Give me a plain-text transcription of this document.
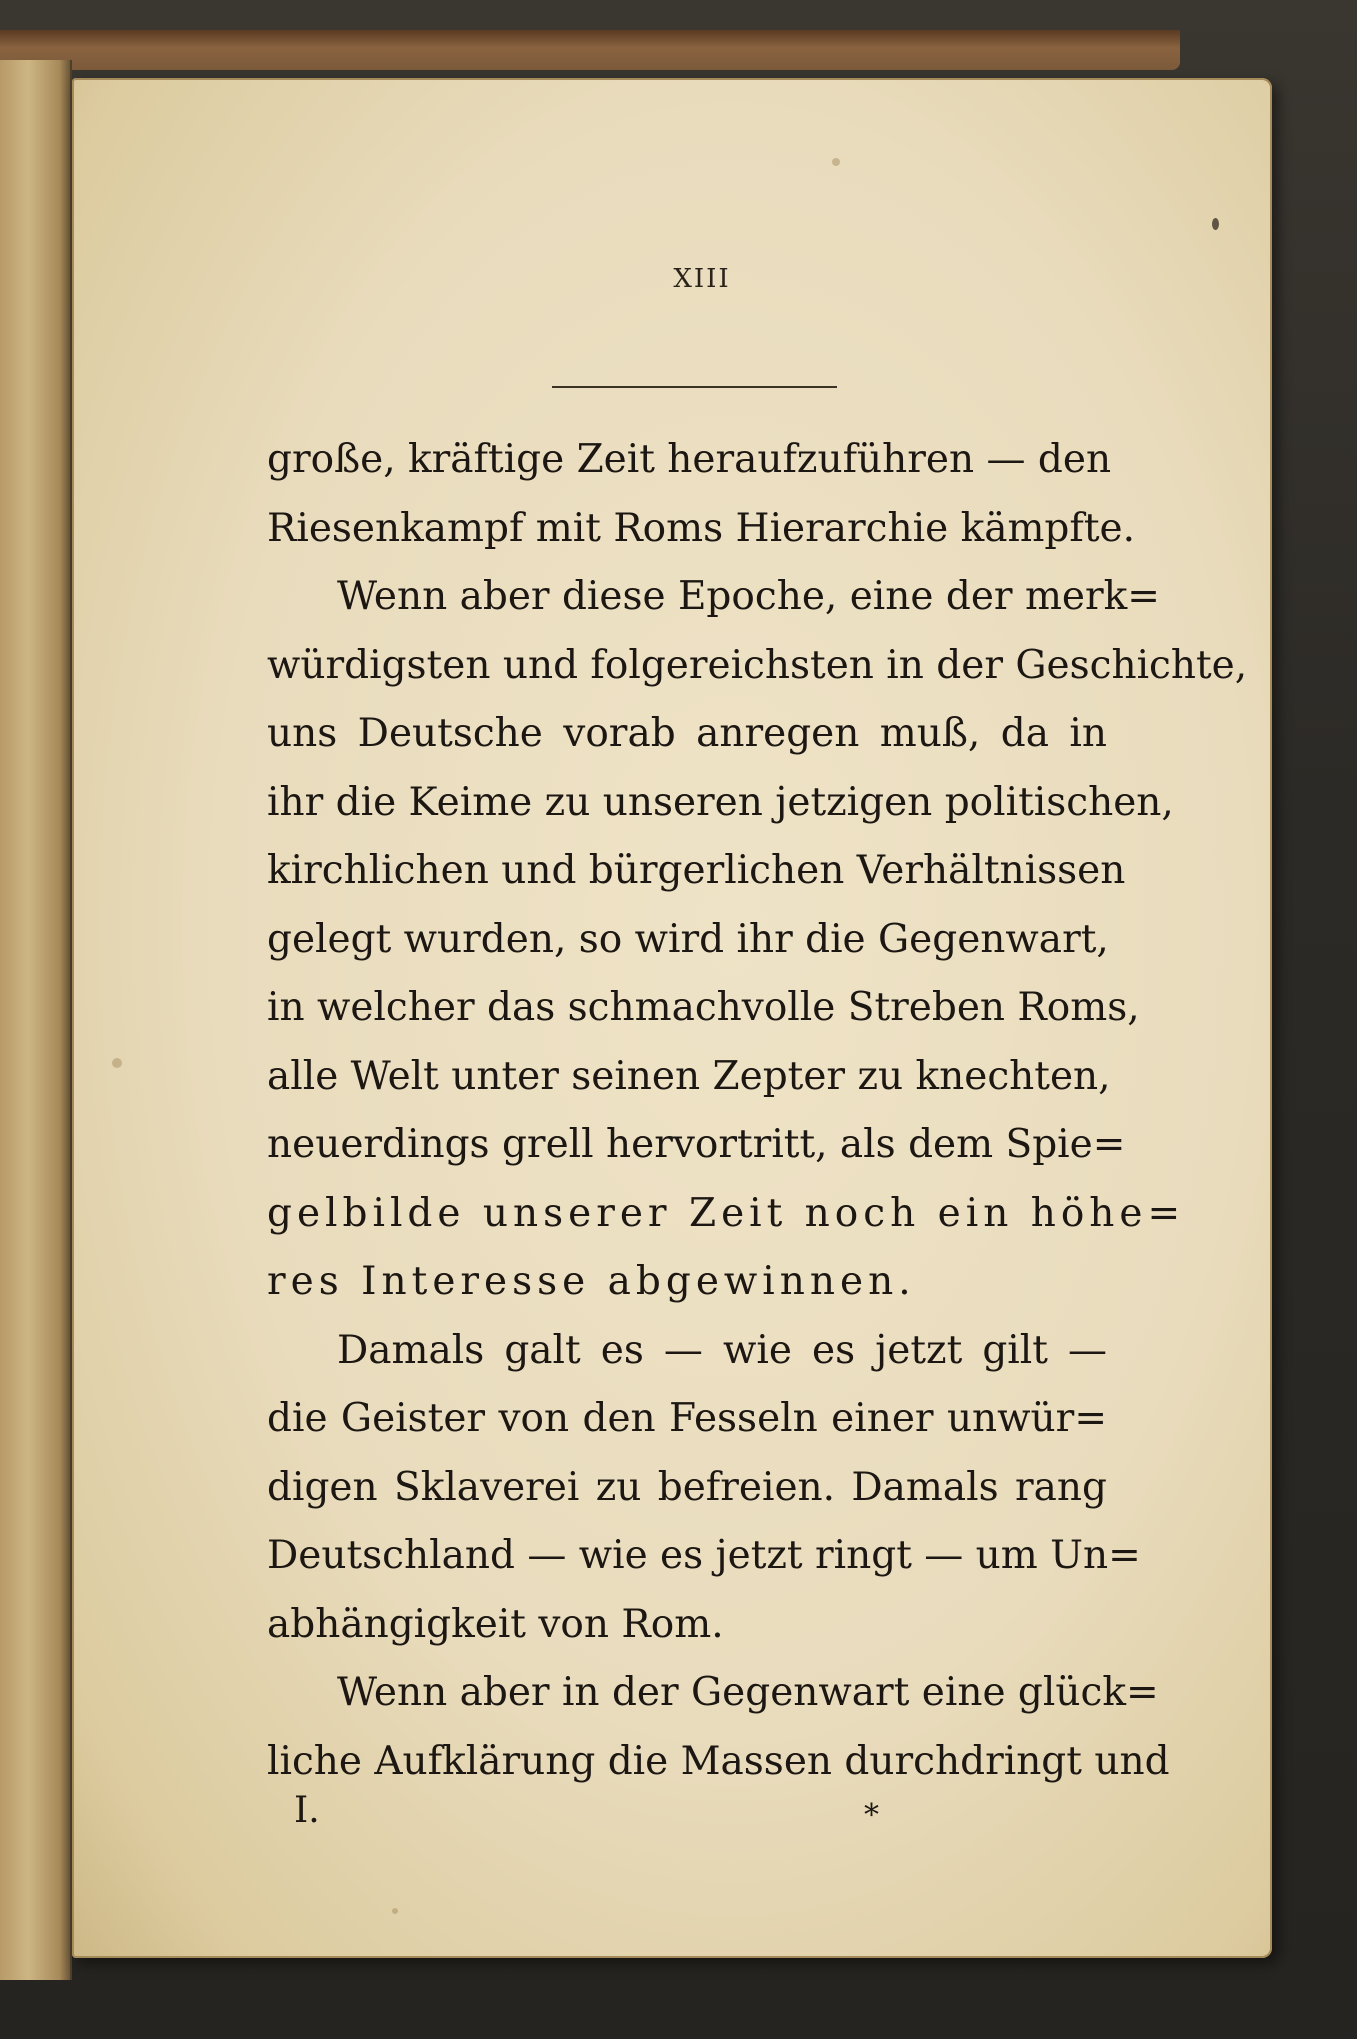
XIII
große, kräftige Zeit heraufzuführen — den
Riesenkampf mit Roms Hierarchie kämpfte.
Wenn aber diese Epoche, eine der merk=
würdigsten und folgereichsten in der Geschichte,
uns Deutsche vorab anregen muß, da in
ihr die Keime zu unseren jetzigen politischen,
kirchlichen und bürgerlichen Verhältnissen
gelegt wurden, so wird ihr die Gegenwart,
in welcher das schmachvolle Streben Roms,
alle Welt unter seinen Zepter zu knechten,
neuerdings grell hervortritt, als dem Spie=
gelbilde unserer Zeit noch ein höhe=
res Interesse abgewinnen.
Damals galt es — wie es jetzt gilt —
die Geister von den Fesseln einer unwür=
digen Sklaverei zu befreien. Damals rang
Deutschland — wie es jetzt ringt — um Un=
abhängigkeit von Rom.
Wenn aber in der Gegenwart eine glück=
liche Aufklärung die Massen durchdringt und
I.	*
